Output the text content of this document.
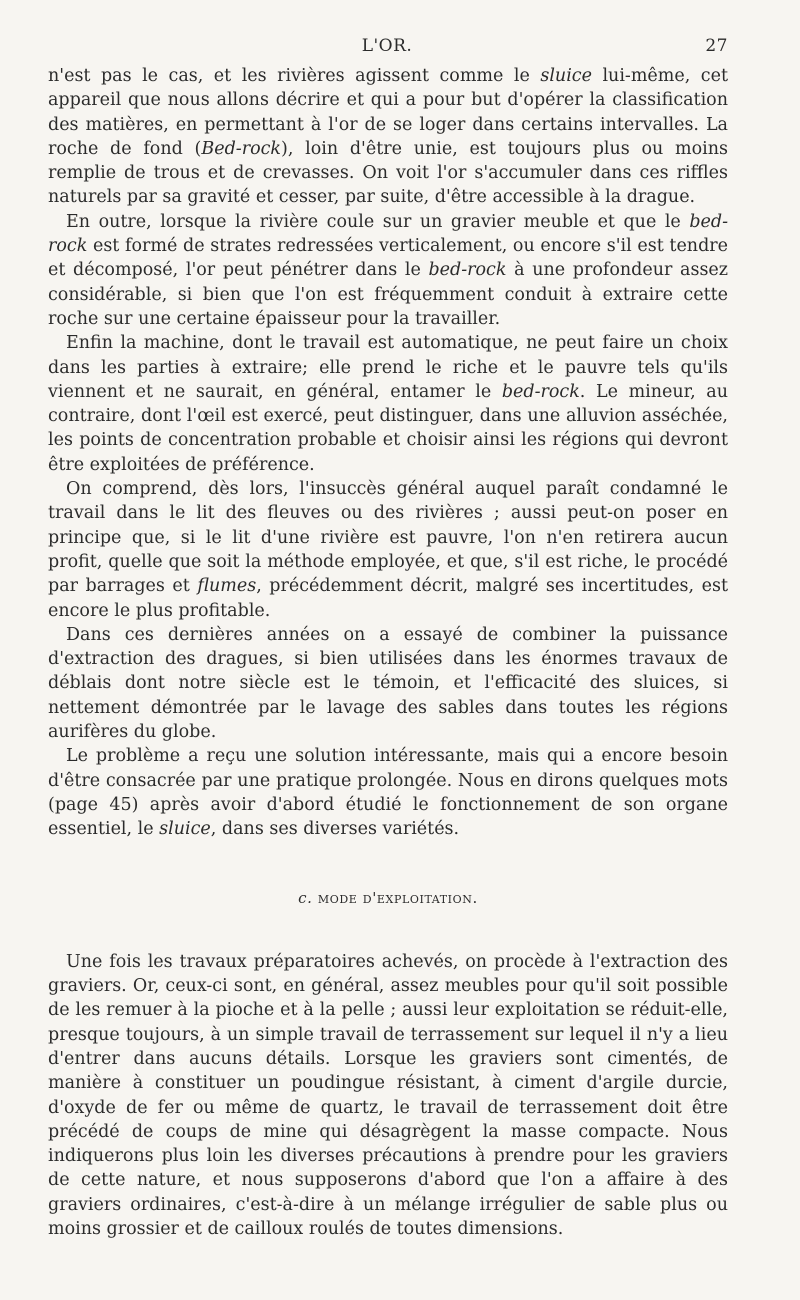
L'OR.	27

n'est pas le cas, et les rivières agissent comme le sluice lui-même, cet appareil que nous allons décrire et qui a pour but d'opérer la classification des matières, en permettant à l'or de se loger dans certains intervalles. La roche de fond (Bed-rock), loin d'être unie, est toujours plus ou moins remplie de trous et de crevasses. On voit l'or s'accumuler dans ces riffles naturels par sa gravité et cesser, par suite, d'être accessible à la drague.

En outre, lorsque la rivière coule sur un gravier meuble et que le bed-rock est formé de strates redressées verticalement, ou encore s'il est tendre et décomposé, l'or peut pénétrer dans le bed-rock à une profondeur assez considérable, si bien que l'on est fréquemment conduit à extraire cette roche sur une certaine épaisseur pour la travailler.

Enfin la machine, dont le travail est automatique, ne peut faire un choix dans les parties à extraire; elle prend le riche et le pauvre tels qu'ils viennent et ne saurait, en général, entamer le bed-rock. Le mineur, au contraire, dont l'œil est exercé, peut distinguer, dans une alluvion asséchée, les points de concentration probable et choisir ainsi les régions qui devront être exploitées de préférence.

On comprend, dès lors, l'insuccès général auquel paraît condamné le travail dans le lit des fleuves ou des rivières ; aussi peut-on poser en principe que, si le lit d'une rivière est pauvre, l'on n'en retirera aucun profit, quelle que soit la méthode employée, et que, s'il est riche, le procédé par barrages et flumes, précédemment décrit, malgré ses incertitudes, est encore le plus profitable.

Dans ces dernières années on a essayé de combiner la puissance d'extraction des dragues, si bien utilisées dans les énormes travaux de déblais dont notre siècle est le témoin, et l'efficacité des sluices, si nettement démontrée par le lavage des sables dans toutes les régions aurifères du globe.

Le problème a reçu une solution intéressante, mais qui a encore besoin d'être consacrée par une pratique prolongée. Nous en dirons quelques mots (page 45) après avoir d'abord étudié le fonctionnement de son organe essentiel, le sluice, dans ses diverses variétés.

c. mode d'exploitation.

Une fois les travaux préparatoires achevés, on procède à l'extraction des graviers. Or, ceux-ci sont, en général, assez meubles pour qu'il soit possible de les remuer à la pioche et à la pelle ; aussi leur exploitation se réduit-elle, presque toujours, à un simple travail de terrassement sur lequel il n'y a lieu d'entrer dans aucuns détails. Lorsque les graviers sont cimentés, de manière à constituer un poudingue résistant, à ciment d'argile durcie, d'oxyde de fer ou même de quartz, le travail de terrassement doit être précédé de coups de mine qui désagrègent la masse compacte. Nous indiquerons plus loin les diverses précautions à prendre pour les graviers de cette nature, et nous supposerons d'abord que l'on a affaire à des graviers ordinaires, c'est-à-dire à un mélange irrégulier de sable plus ou moins grossier et de cailloux roulés de toutes dimensions.
